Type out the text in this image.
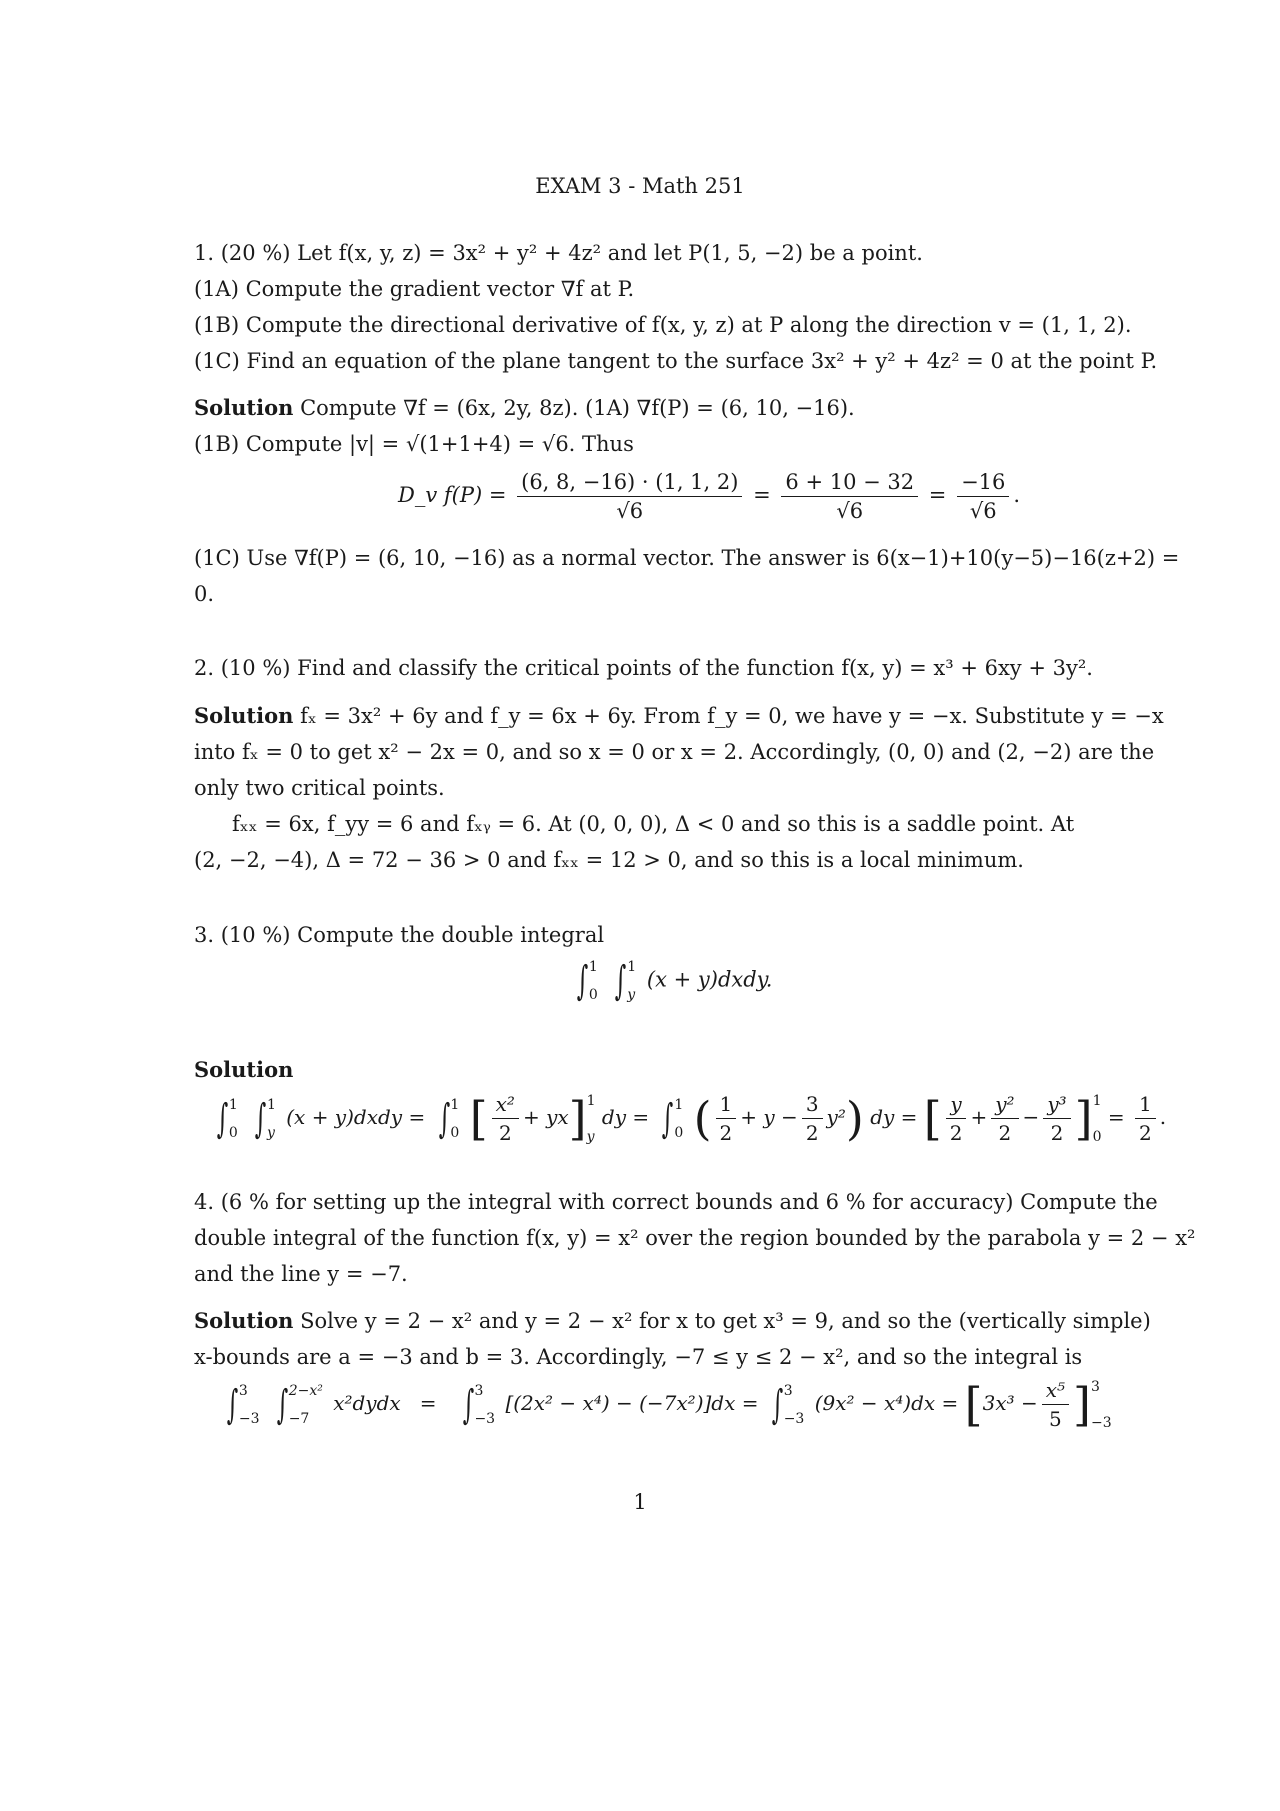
EXAM 3 - Math 251
1. (20 %) Let f(x, y, z) = 3x² + y² + 4z² and let P(1, 5, −2) be a point.
(1A) Compute the gradient vector ∇f at P.
(1B) Compute the directional derivative of f(x, y, z) at P along the direction v = (1, 1, 2).
(1C) Find an equation of the plane tangent to the surface 3x² + y² + 4z² = 0 at the point P.
Solution Compute ∇f = (6x, 2y, 8z). (1A) ∇f(P) = (6, 10, −16).
(1B) Compute |v| = √(1+1+4) = √6. Thus
D_v $f(P) = \frac{(6, 8, -16) \cdot (1, 1, 2)}{√6} = \frac{6 + 10 - 32}{√6} = \frac{-16}{√6}$ .
(1C) Use ∇f(P) = (6, 10, −16) as a normal vector. The answer is 6(x−1)+10(y−5)−16(z+2) =
0.
2. (10 %) Find and classify the critical points of the function f(x, y) = x³ + 6xy + 3y².
Solution fₓ = 3x² + 6y and f_y = 6x + 6y. From f_y = 0, we have y = −x. Substitute y = −x
into fₓ = 0 to get x² − 2x = 0, and so x = 0 or x = 2. Accordingly, (0, 0) and (2, −2) are the
only two critical points.
fₓₓ = 6x, f_yy = 6 and fₓᵧ = 6. At (0, 0, 0), Δ < 0 and so this is a saddle point. At
(2, −2, −4), Δ = 72 − 36 > 0 and fₓₓ = 12 > 0, and so this is a local minimum.
3. (10 %) Compute the double integral
∫ 1
0 ∫ 1
y
(x + y)dxdy.
Solution
∫ 1
0 ∫ 1
y
(x + y)dxdy = ∫ 1
0 [ $\frac{\text{x²}}{2} + yx$] 1
y dy = ∫ 1
0 ( $\frac{1}{2} + y - \frac{3}{2} y^2$) dy = [ $\frac{y}{2} + \frac{\text{y²}}{2} - \frac{\text{y³}}{2}$ ] 1
$0 = \frac{1}{2}$ .
4. (6 % for setting up the integral with correct bounds and 6 % for accuracy) Compute the
double integral of the function f(x, y) = x² over the region bounded by the parabola y = 2 − x²
and the line y = −7.
Solution Solve y = 2 − x² and y = 2 − x² for x to get x³ = 9, and so the (vertically simple)
x-bounds are a = −3 and b = 3. Accordingly, −7 ≤ y ≤ 2 − x², and so the integral is
∫ 3
−3 ∫ 2−x²
−7
x²dydx   =   ∫ 3
−3
[(2x² − x⁴) − (−7x²)]dx = ∫ 3
−3
$(9x^2 - x^4)dx = [3x^3 - \frac{\text{x⁵}}{5}$ ] 3
−3
1
